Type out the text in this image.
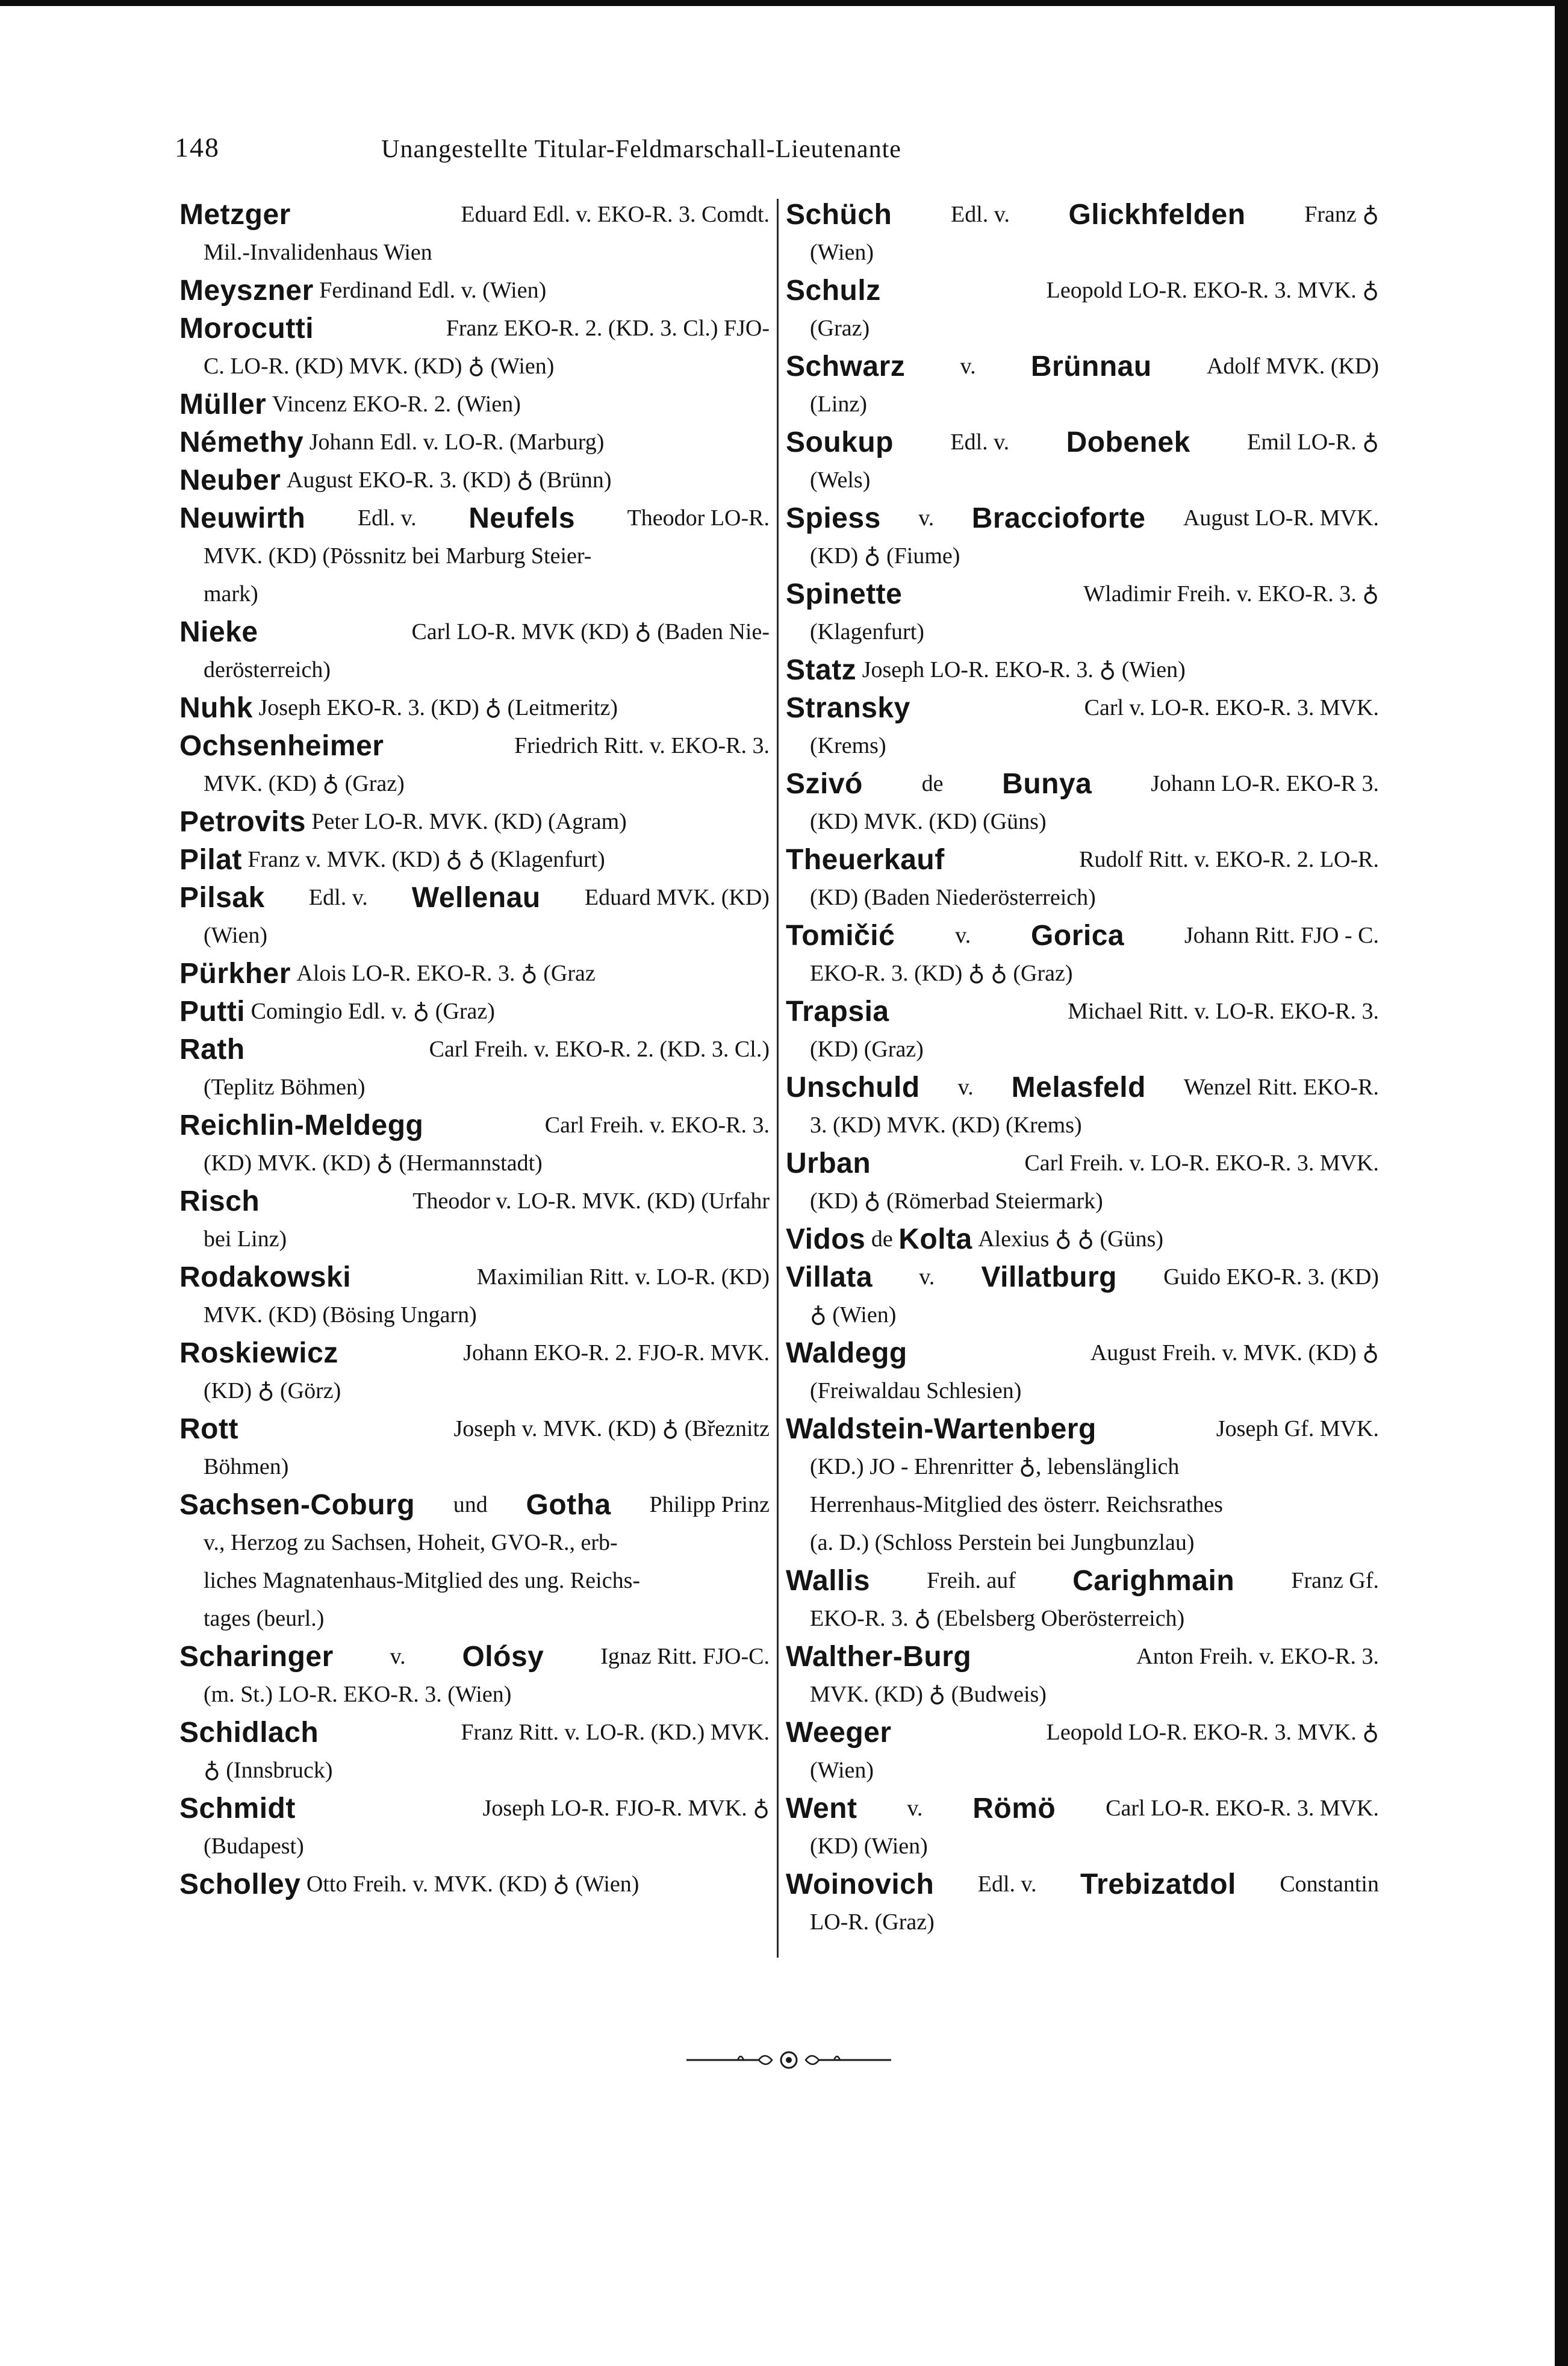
148	Unangestellte Titular-Feldmarschall-Lieutenante
Metzger	Eduard Edl. v. EKO-R. 3. Comdt.
Mil.-Invalidenhaus Wien
Meyszner
Ferdinand Edl. v. (Wien)
Morocutti	Franz EKO-R. 2. (KD. 3. Cl.) FJO-
C. LO-R. (KD) MVK. (KD) ♁ (Wien)
Müller
Vincenz EKO-R. 2. (Wien)
Némethy
Johann Edl. v. LO-R. (Marburg)
Neuber
August EKO-R. 3. (KD) ♁ (Brünn)
Neuwirth Edl. v. Neufels Theodor LO-R.
MVK. (KD) (Pössnitz bei Marburg Steier-
mark)
Nieke	Carl LO-R. MVK (KD) ♁ (Baden Nie-
derösterreich)
Nuhk
Joseph EKO-R. 3. (KD) ♁ (Leitmeritz)
Ochsenheimer	Friedrich Ritt. v. EKO-R. 3.
MVK. (KD) ♁ (Graz)
Petrovits
Peter LO-R. MVK. (KD) (Agram)
Pilat
Franz v. MVK. (KD) ♁ ♁ (Klagenfurt)
Pilsak Edl. v. Wellenau Eduard MVK. (KD)
(Wien)
Pürkher
Alois LO-R. EKO-R. 3. ♁ (Graz
Putti
Comingio Edl. v. ♁ (Graz)
Rath	Carl Freih. v. EKO-R. 2. (KD. 3. Cl.)
(Teplitz Böhmen)
Reichlin-Meldegg	Carl Freih. v. EKO-R. 3.
(KD) MVK. (KD) ♁ (Hermannstadt)
Risch	Theodor v. LO-R. MVK. (KD) (Urfahr
bei Linz)
Rodakowski	Maximilian Ritt. v. LO-R. (KD)
MVK. (KD) (Bösing Ungarn)
Roskiewicz	Johann EKO-R. 2. FJO-R. MVK.
(KD) ♁ (Görz)
Rott	Joseph v. MVK. (KD) ♁ (Březnitz
Böhmen)
Sachsen-Coburg und Gotha Philipp Prinz
v., Herzog zu Sachsen, Hoheit, GVO-R., erb-
liches Magnatenhaus-Mitglied des ung. Reichs-
tages (beurl.)
Scharinger v. Olósy Ignaz Ritt. FJO-C.
(m. St.) LO-R. EKO-R. 3. (Wien)
Schidlach	Franz Ritt. v. LO-R. (KD.) MVK.
♁ (Innsbruck)
Schmidt	Joseph LO-R. FJO-R. MVK. ♁
(Budapest)
Scholley
Otto Freih. v. MVK. (KD) ♁ (Wien)
Schüch	Edl. v. Glickhfelden	Franz ♁
(Wien)
Schulz	Leopold LO-R. EKO-R. 3. MVK. ♁
(Graz)
Schwarz v. Brünnau Adolf MVK. (KD)
(Linz)
Soukup Edl. v. Dobenek Emil LO-R. ♁
(Wels)
Spiess v. Braccioforte August LO-R. MVK.
(KD) ♁ (Fiume)
Spinette	Wladimir Freih. v. EKO-R. 3. ♁
(Klagenfurt)
Statz
Joseph LO-R. EKO-R. 3. ♁ (Wien)
Stransky	Carl v. LO-R. EKO-R. 3. MVK.
(Krems)
Szivó	de Bunya	Johann LO-R. EKO-R 3.
(KD) MVK. (KD) (Güns)
Theuerkauf	Rudolf Ritt. v. EKO-R. 2. LO-R.
(KD) (Baden Niederösterreich)
Tomičić	v. Gorica	Johann Ritt. FJO - C.
EKO-R. 3. (KD) ♁ ♁ (Graz)
Trapsia	Michael Ritt. v. LO-R. EKO-R. 3.
(KD) (Graz)
Unschuld v. Melasfeld Wenzel Ritt. EKO-R.
3. (KD) MVK. (KD) (Krems)
Urban	Carl Freih. v. LO-R. EKO-R. 3. MVK.
(KD) ♁ (Römerbad Steiermark)
Vidos
de
Kolta
Alexius ♁ ♁ (Güns)
Villata v. Villatburg Guido EKO-R. 3. (KD)
♁ (Wien)
Waldegg	August Freih. v. MVK. (KD) ♁
(Freiwaldau Schlesien)
Waldstein-Wartenberg	Joseph Gf. MVK.
(KD.) JO - Ehrenritter ♁, lebenslänglich
Herrenhaus-Mitglied des österr. Reichsrathes
(a. D.) (Schloss Perstein bei Jungbunzlau)
Wallis Freih. auf Carighmain Franz Gf.
EKO-R. 3. ♁ (Ebelsberg Oberösterreich)
Walther-Burg	Anton Freih. v. EKO-R. 3.
MVK. (KD) ♁ (Budweis)
Weeger	Leopold LO-R. EKO-R. 3. MVK. ♁
(Wien)
Went v. Römö Carl LO-R. EKO-R. 3. MVK.
(KD) (Wien)
Woinovich Edl. v. Trebizatdol Constantin
LO-R. (Graz)
